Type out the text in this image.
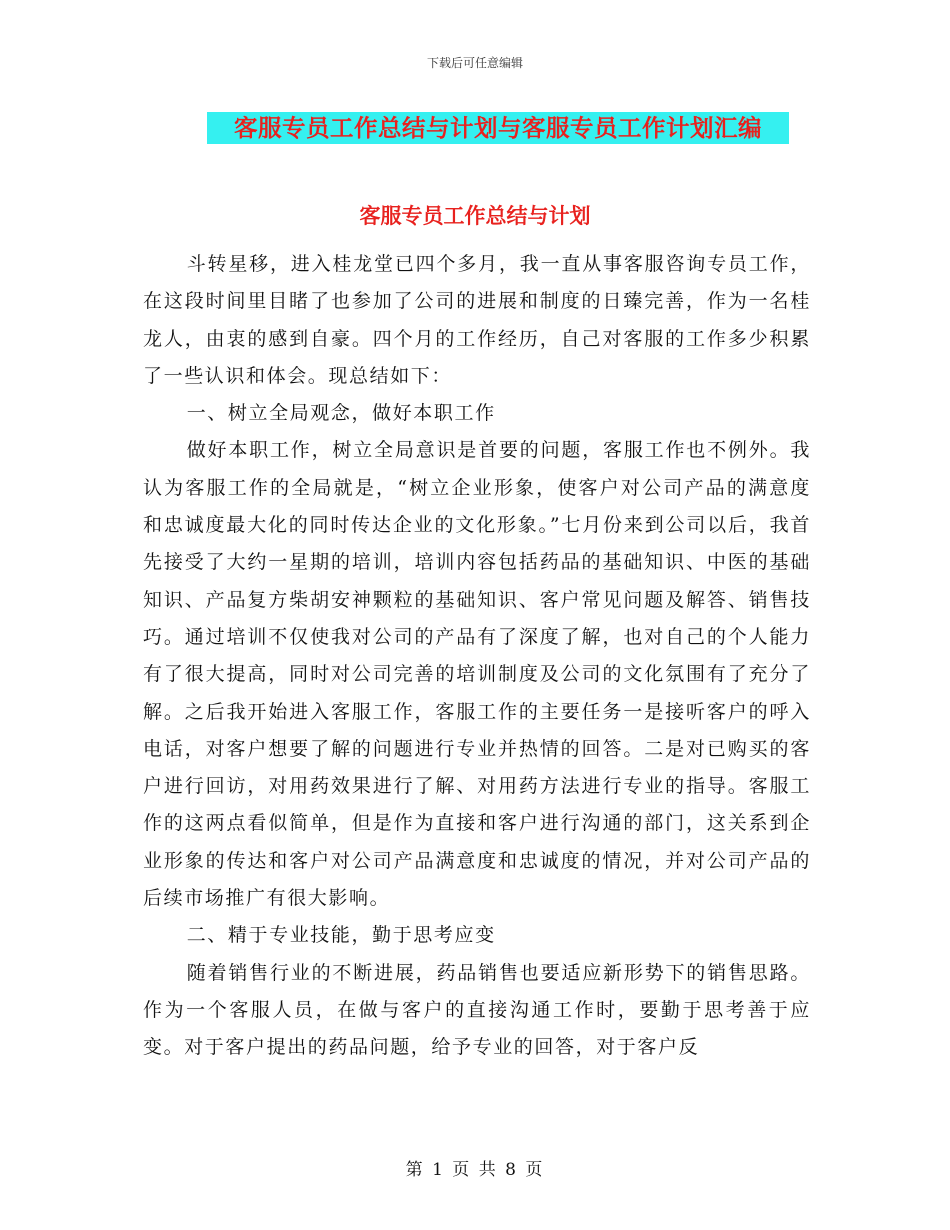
下载后可任意编辑
客服专员工作总结与计划与客服专员工作计划汇编
客服专员工作总结与计划

斗转星移，进入桂龙堂已四个多月，我一直从事客服咨询专员工作，在这段时间里目睹了也参加了公司的进展和制度的日臻完善，作为一名桂龙人，由衷的感到自豪。四个月的工作经历，自己对客服的工作多少积累了一些认识和体会。现总结如下：

一、树立全局观念，做好本职工作

做好本职工作，树立全局意识是首要的问题，客服工作也不例外。我认为客服工作的全局就是，“树立企业形象，使客户对公司产品的满意度和忠诚度最大化的同时传达企业的文化形象。”七月份来到公司以后，我首先接受了大约一星期的培训，培训内容包括药品的基础知识、中医的基础知识、产品复方柴胡安神颗粒的基础知识、客户常见问题及解答、销售技巧。通过培训不仅使我对公司的产品有了深度了解，也对自己的个人能力有了很大提高，同时对公司完善的培训制度及公司的文化氛围有了充分了解。之后我开始进入客服工作，客服工作的主要任务一是接听客户的呼入电话，对客户想要了解的问题进行专业并热情的回答。二是对已购买的客户进行回访，对用药效果进行了解、对用药方法进行专业的指导。客服工作的这两点看似简单，但是作为直接和客户进行沟通的部门，这关系到企业形象的传达和客户对公司产品满意度和忠诚度的情况，并对公司产品的后续市场推广有很大影响。

二、精于专业技能，勤于思考应变

随着销售行业的不断进展，药品销售也要适应新形势下的销售思路。作为一个客服人员，在做与客户的直接沟通工作时，要勤于思考善于应变。对于客户提出的药品问题，给予专业的回答，对于客户反

第 1 页 共 8 页
